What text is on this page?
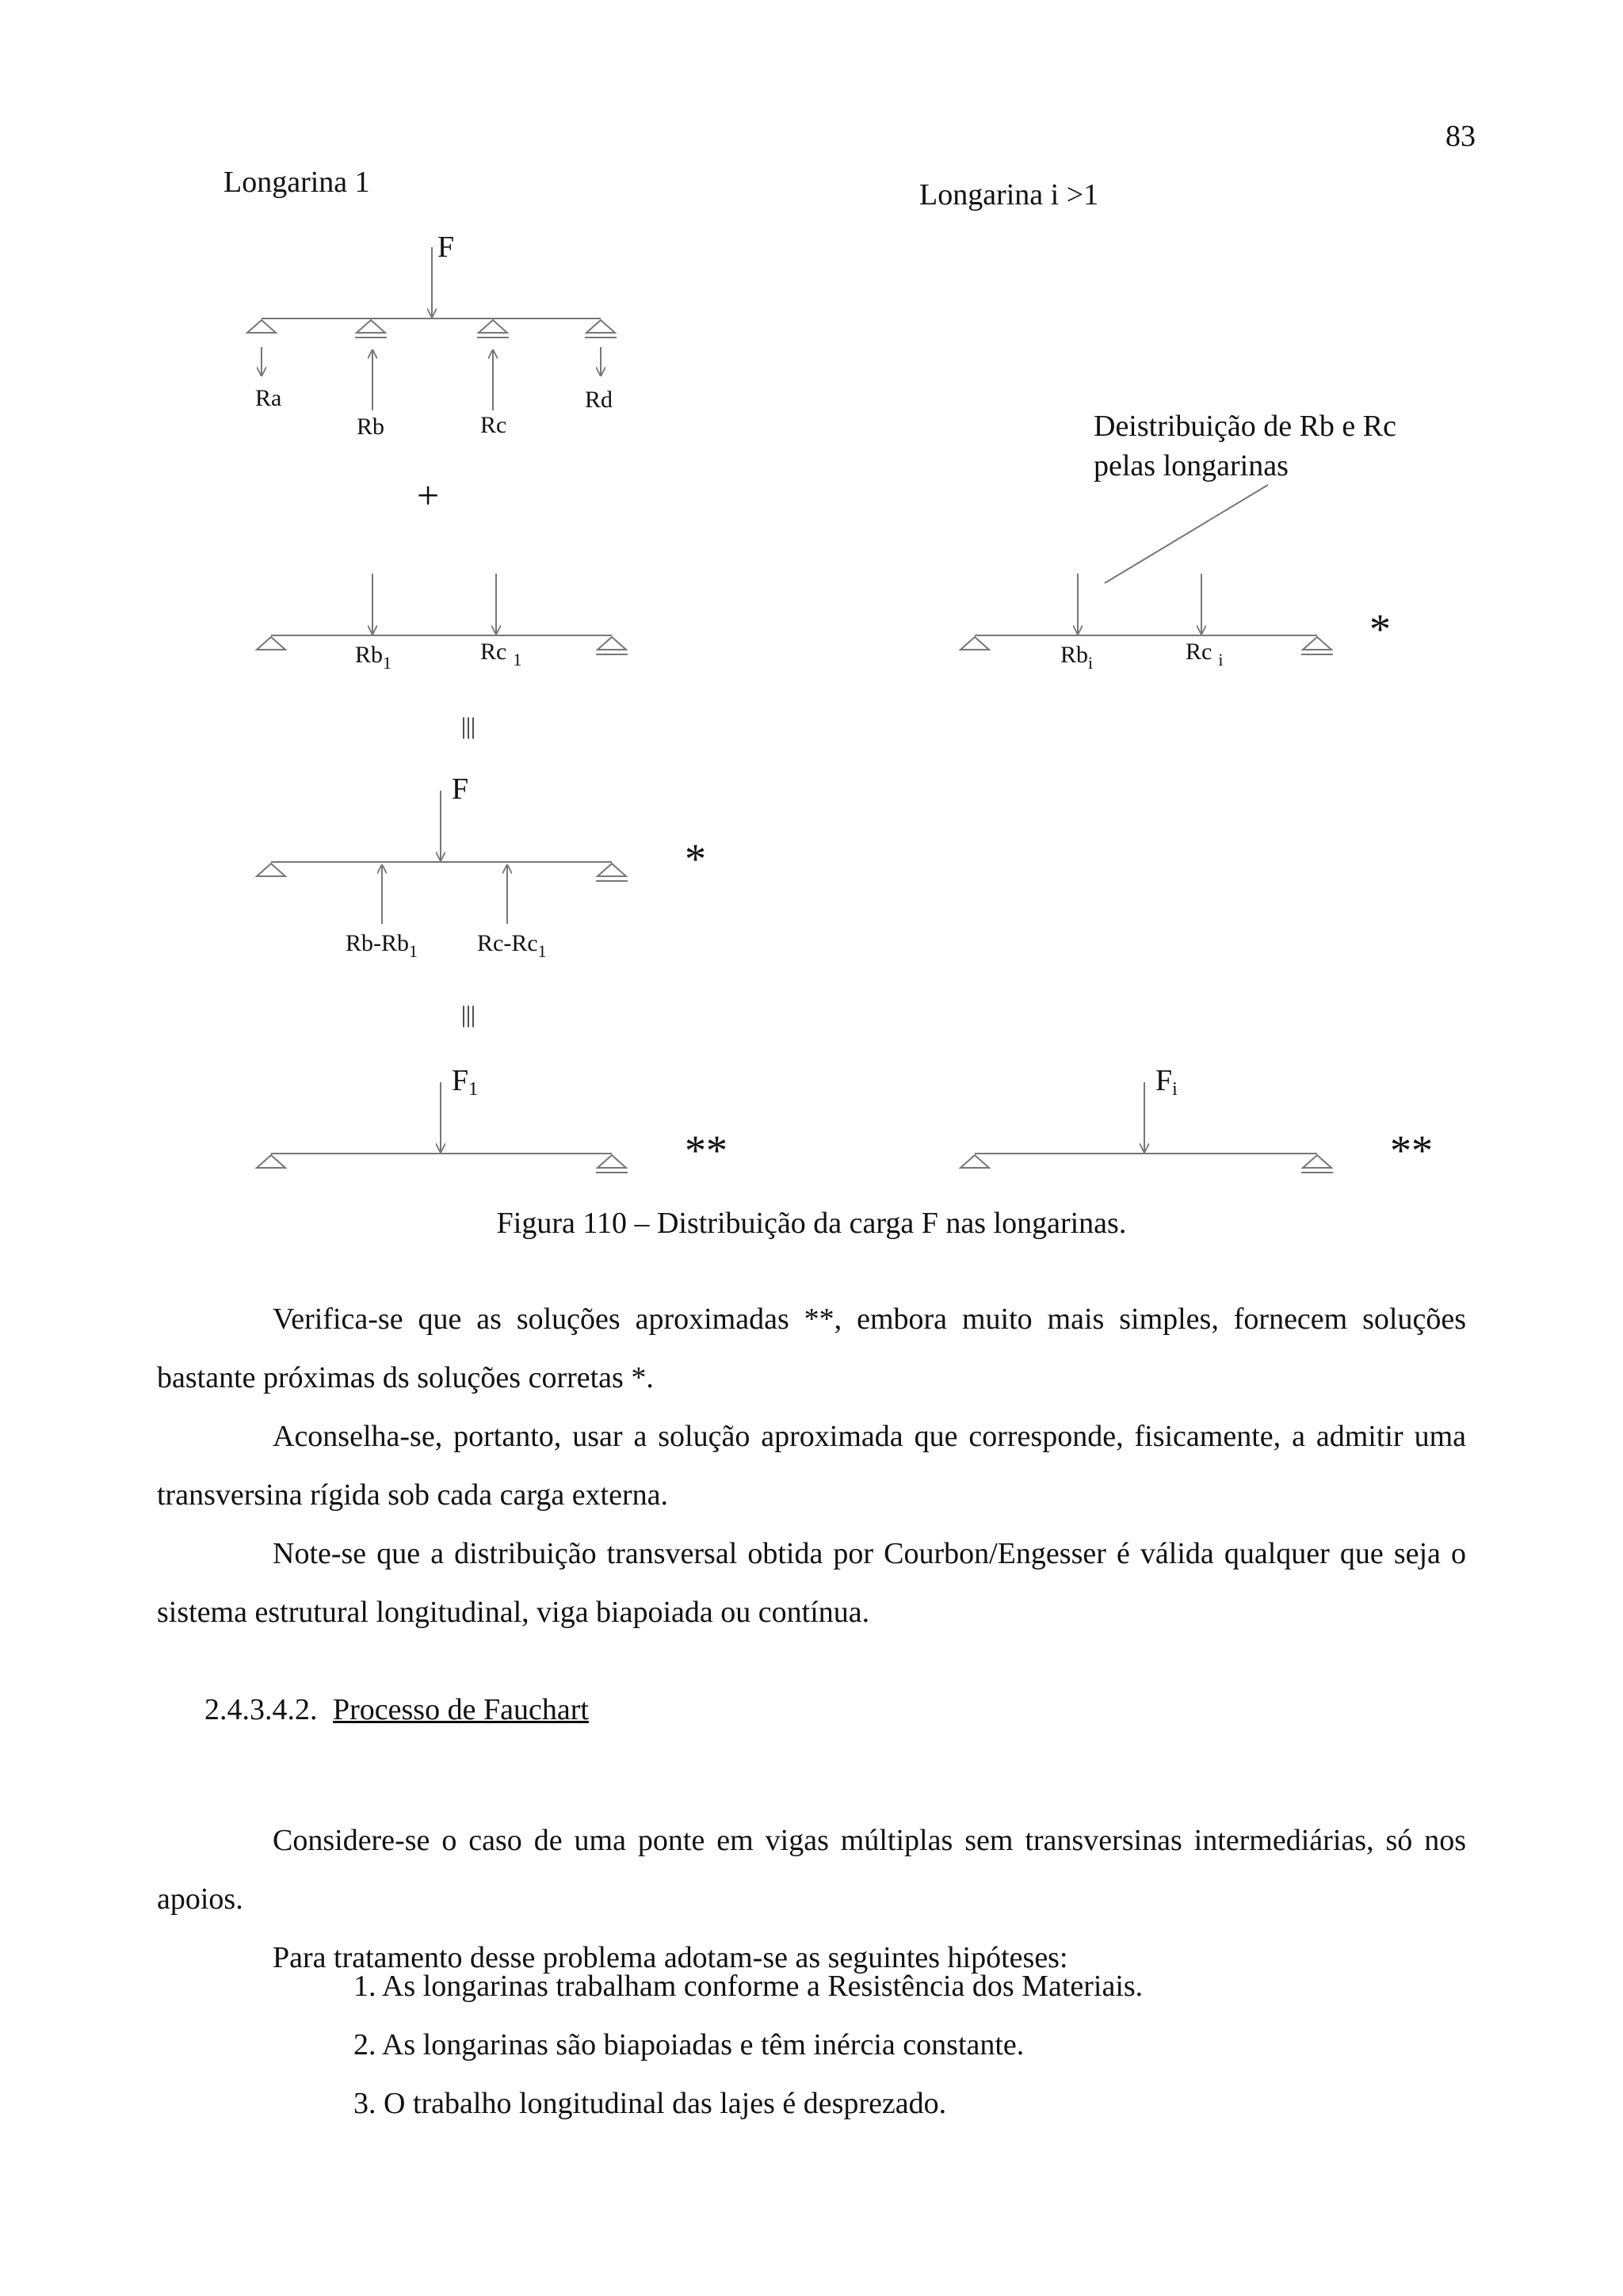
83
Longarina 1	Longarina i >1
F
Ra
Rb	Rc
Rd
+
Deistribuição de Rb e Rc
pelas longarinas
$Rb_1$	Rc $_1$	$Rb_i$	Rc $_i$
*
|||
F
$Rb-Rb_1$ $Rc-Rc_1$
*
|||
F1
**
Fi
**
Figura 110 – Distribuição da carga F nas longarinas.

Verifica-se que as soluções aproximadas **, embora muito mais simples, fornecem soluções bastante próximas ds soluções corretas *.

Aconselha-se, portanto, usar a solução aproximada que corresponde, fisicamente, a admitir uma transversina rígida sob cada carga externa.

Note-se que a distribuição transversal obtida por Courbon/Engesser é válida qualquer que seja o sistema estrutural longitudinal, viga biapoiada ou contínua.

2.4.3.4.2. Processo de Fauchart

Considere-se o caso de uma ponte em vigas múltiplas sem transversinas intermediárias, só nos apoios.

Para tratamento desse problema adotam-se as seguintes hipóteses:

1. As longarinas trabalham conforme a Resistência dos Materiais.
2. As longarinas são biapoiadas e têm inércia constante.
3. O trabalho longitudinal das lajes é desprezado.
